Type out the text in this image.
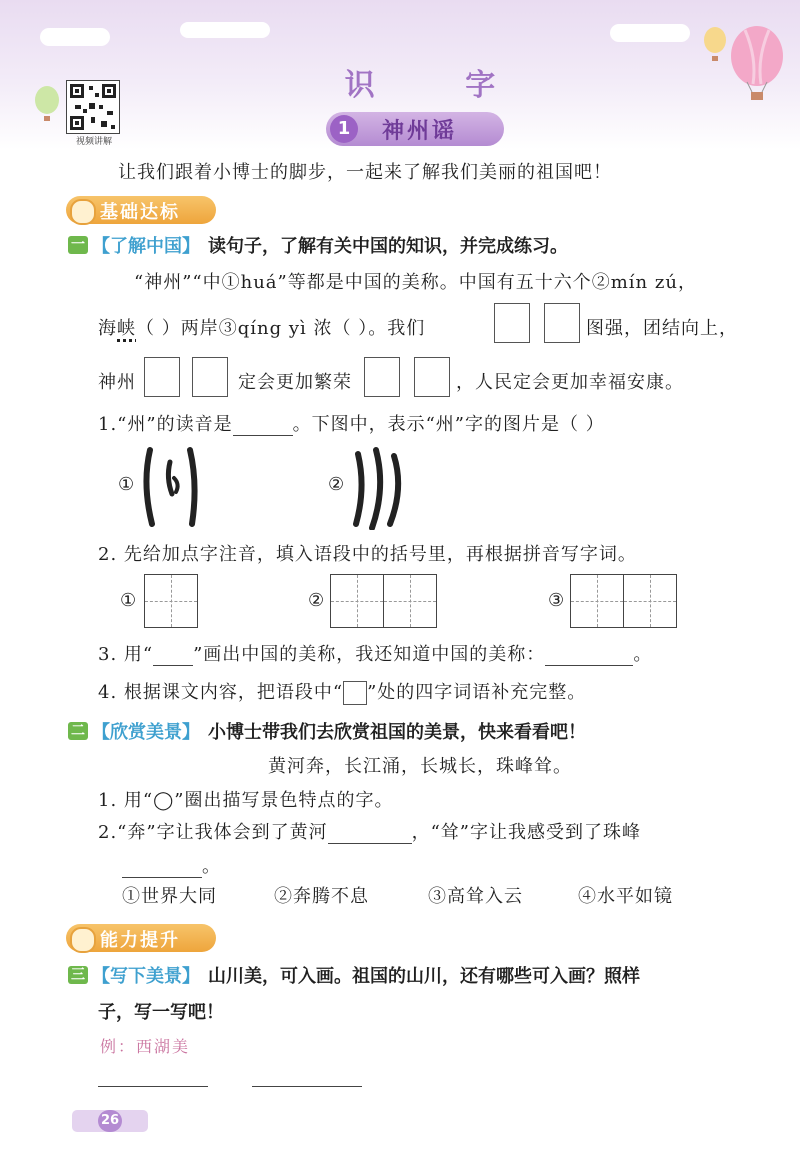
视频讲解
识 字
1	神州谣
让我们跟着小博士的脚步，一起来了解我们美丽的祖国吧！
基础达标
一 【了解中国】 读句子，了解有关中国的知识，并完成练习。
“神州”“中①huá”等都是中国的美称。中国有五十六个②mín zú，
海峡（ ）两岸③qíng yì 浓（ ）。我们	图强，团结向上，
神州	定会更加繁荣	，人民定会更加幸福安康。
1.“州”的读音是	。下图中，表示“州”字的图片是（ ）
①	②
2. 先给加点字注音，填入语段中的括号里，再根据拼音写字词。
①	②	③
3. 用“ ”画出中国的美称，我还知道中国的美称：	。
4. 根据课文内容，把语段中“ ”处的四字词语补充完整。
二 【欣赏美景】 小博士带我们去欣赏祖国的美景，快来看看吧！
黄河奔，长江涌，长城长，珠峰耸。
1. 用“◯”圈出描写景色特点的字。
2.“奔”字让我体会到了黄河	，“耸”字让我感受到了珠峰
。
①世界大同	②奔腾不息	③高耸入云	④水平如镜
能力提升
三 【写下美景】 山川美，可入画。祖国的山川，还有哪些可入画？照样
子，写一写吧！
例：西湖美
26
